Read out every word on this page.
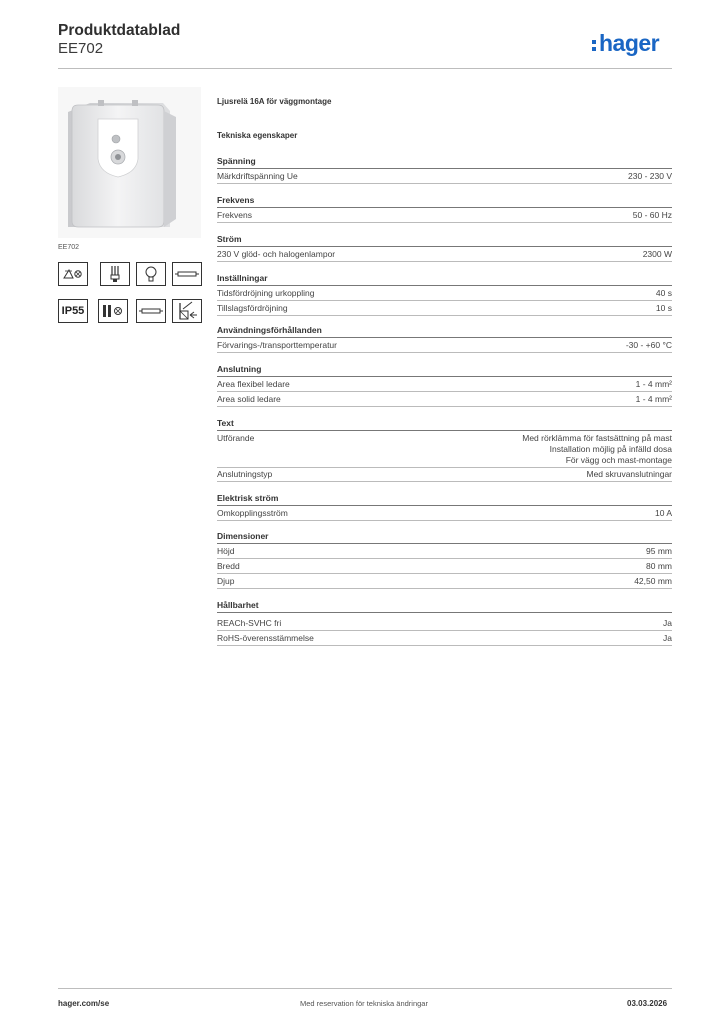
Produktdatablad
EE702	hager
EE702
IP55
Ljusrelä 16A för väggmontage
Tekniska egenskaper
Spänning
Märkdriftspänning Ue	230 - 230 V
Frekvens
Frekvens	50 - 60 Hz
Ström
230 V glöd- och halogenlampor	2300 W
Inställningar
Tidsfördröjning urkoppling	40 s
Tillslagsfördröjning	10 s
Användningsförhållanden
Förvarings-/transporttemperatur	-30 - +60 °C
Anslutning
Area flexibel ledare	1 - 4 mm²
Area solid ledare	1 - 4 mm²
Text
Utförande	Med rörklämma för fastsättning på mast
Installation möjlig på infälld dosa
För vägg och mast-montage
Anslutningstyp	Med skruvanslutningar
Elektrisk ström
Omkopplingsström	10 A
Dimensioner
Höjd	95 mm
Bredd	80 mm
Djup	42,50 mm
Hållbarhet
REACh-SVHC fri	Ja
RoHS-överensstämmelse	Ja
hager.com/se	Med reservation för tekniska ändringar	03.03.2026
